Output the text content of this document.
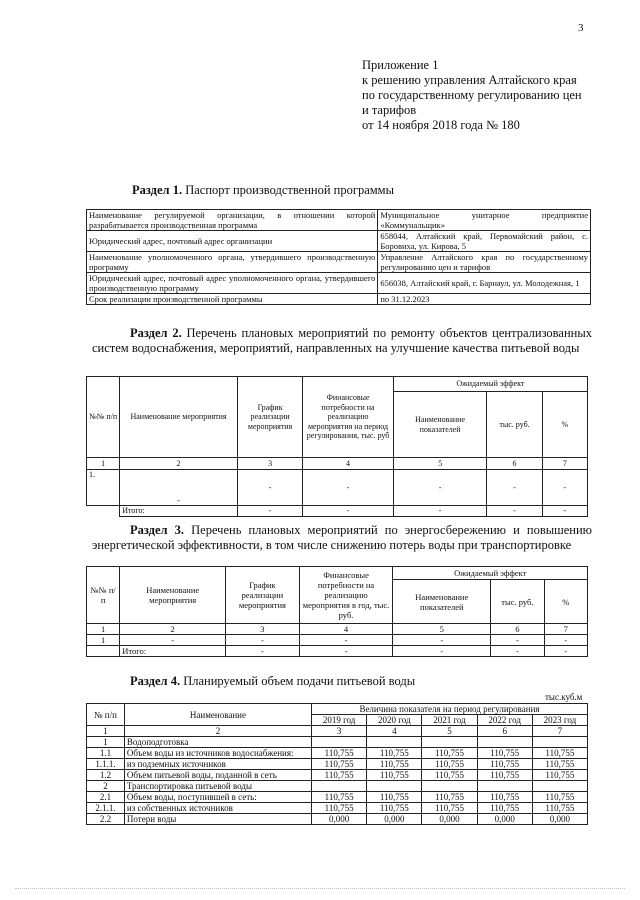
3
Приложение 1
к решению управления Алтайского края
по государственному регулированию цен
и тарифов
от 14 ноября 2018 года № 180
Раздел 1. Паспорт производственной программы
Наименование регулируемой организации, в отношении которой разрабатывается производственная программа	Муниципальное унитарное предприятие «Коммунальщик»
Юридический адрес, почтовый адрес организации	658044, Алтайский край, Первомайский район, с. Боровиха, ул. Кирова, 5
Наименование уполномоченного органа, утвердившего производственную программу	Управление Алтайского края по государственному регулированию цен и тарифов
Юридический адрес, почтовый адрес уполномоченного органа, утвердившего производственную программу	656038, Алтайский край, г. Барнаул, ул. Молодежная, 1
Срок реализации производственной программы	по 31.12.2023
Раздел 2. Перечень плановых мероприятий по ремонту объектов централизованных систем водоснабжения, мероприятий, направленных на улучшение качества питьевой воды
№№ п/п	Наименование мероприятия	График реализации мероприятия	Финансовые потребности на реализацию мероприятия на период регулирования, тыс. руб	Ожидаемый эффект		
				Наименование показателей	тыс. руб.	%
1	2	3	4	5	6	7
1.	-	-	-	-	-	-
	Итого:	-	-	-	-	-
Раздел 3. Перечень плановых мероприятий по энергосбережению и повышению энергетической эффективности, в том числе снижению потерь воды при транспортировке
№№ п/п	Наименование мероприятия	График реализации мероприятия	Финансовые потребности на реализацию мероприятия в год, тыс. руб.	Ожидаемый эффект		
				Наименование показателей	тыс. руб.	%
1	2	3	4	5	6	7
1	-	-	-	-	-	-
	Итого:	-	-	-	-	-
Раздел 4. Планируемый объем подачи питьевой воды
тыс.куб.м
№ п/п	Наименование	Величина показателя на период регулирования				
		2019 год	2020 год	2021 год	2022 год	2023 год
1	2	3	4	5	6	7
1	Водоподготовка					
1.1	Объем воды из источников водоснабжения:	110,755	110,755	110,755	110,755	110,755
1.1.1.	из подземных источников	110,755	110,755	110,755	110,755	110,755
1.2	Объем питьевой воды, поданной в сеть	110,755	110,755	110,755	110,755	110,755
2	Транспортировка питьевой воды					
2.1	Объем воды, поступившей в сеть:	110,755	110,755	110,755	110,755	110,755
2.1.1.	из собственных источников	110,755	110,755	110,755	110,755	110,755
2.2	Потери воды	0,000	0,000	0,000	0,000	0,000
